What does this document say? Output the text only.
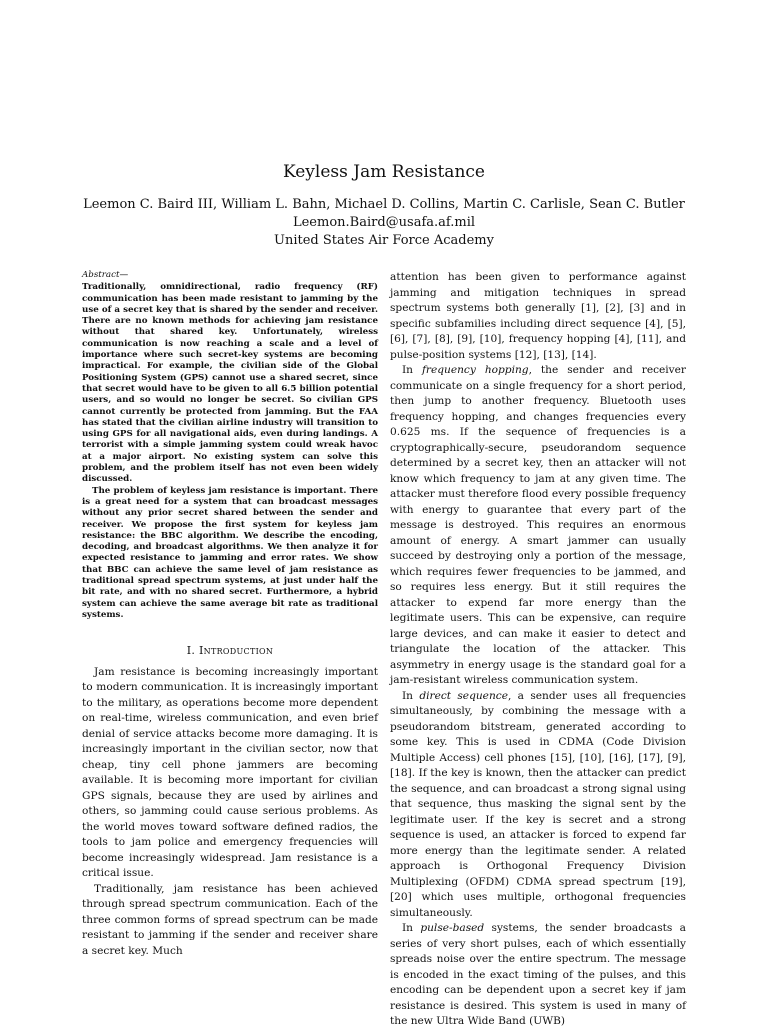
Keyless Jam Resistance

Leemon C. Baird III, William L. Bahn, Michael D. Collins, Martin C. Carlisle, Sean C. Butler

Leemon.Baird@usafa.af.mil

United States Air Force Academy

Abstract—

Traditionally, omnidirectional, radio frequency (RF) communication has been made resistant to jamming by the use of a secret key that is shared by the sender and receiver. There are no known methods for achieving jam resistance without that shared key. Unfortunately, wireless communication is now reaching a scale and a level of importance where such secret-key systems are becoming impractical. For example, the civilian side of the Global Positioning System (GPS) cannot use a shared secret, since that secret would have to be given to all 6.5 billion potential users, and so would no longer be secret. So civilian GPS cannot currently be protected from jamming. But the FAA has stated that the civilian airline industry will transition to using GPS for all navigational aids, even during landings. A terrorist with a simple jamming system could wreak havoc at a major airport. No existing system can solve this problem, and the problem itself has not even been widely discussed.

The problem of keyless jam resistance is important. There is a great need for a system that can broadcast messages without any prior secret shared between the sender and receiver. We propose the first system for keyless jam resistance: the BBC algorithm. We describe the encoding, decoding, and broadcast algorithms. We then analyze it for expected resistance to jamming and error rates. We show that BBC can achieve the same level of jam resistance as traditional spread spectrum systems, at just under half the bit rate, and with no shared secret. Furthermore, a hybrid system can achieve the same average bit rate as traditional systems.

I. Introduction

Jam resistance is becoming increasingly important to modern communication. It is increasingly important to the military, as operations become more dependent on real-time, wireless communication, and even brief denial of service attacks become more damaging. It is increasingly important in the civilian sector, now that cheap, tiny cell phone jammers are becoming available. It is becoming more important for civilian GPS signals, because they are used by airlines and others, so jamming could cause serious problems. As the world moves toward software defined radios, the tools to jam police and emergency frequencies will become increasingly widespread. Jam resistance is a critical issue.

Traditionally, jam resistance has been achieved through spread spectrum communication. Each of the three common forms of spread spectrum can be made resistant to jamming if the sender and receiver share a secret key. Much

attention has been given to performance against jamming and mitigation techniques in spread spectrum systems both generally [1], [2], [3] and in specific subfamilies including direct sequence [4], [5], [6], [7], [8], [9], [10], frequency hopping [4], [11], and pulse-position systems [12], [13], [14].

In frequency hopping, the sender and receiver communicate on a single frequency for a short period, then jump to another frequency. Bluetooth uses frequency hopping, and changes frequencies every 0.625 ms. If the sequence of frequencies is a cryptographically-secure, pseudorandom sequence determined by a secret key, then an attacker will not know which frequency to jam at any given time. The attacker must therefore flood every possible frequency with energy to guarantee that every part of the message is destroyed. This requires an enormous amount of energy. A smart jammer can usually succeed by destroying only a portion of the message, which requires fewer frequencies to be jammed, and so requires less energy. But it still requires the attacker to expend far more energy than the legitimate users. This can be expensive, can require large devices, and can make it easier to detect and triangulate the location of the attacker. This asymmetry in energy usage is the standard goal for a jam-resistant wireless communication system.

In direct sequence, a sender uses all frequencies simultaneously, by combining the message with a pseudorandom bitstream, generated according to some key. This is used in CDMA (Code Division Multiple Access) cell phones [15], [10], [16], [17], [9], [18]. If the key is known, then the attacker can predict the sequence, and can broadcast a strong signal using that sequence, thus masking the signal sent by the legitimate user. If the key is secret and a strong sequence is used, an attacker is forced to expend far more energy than the legitimate sender. A related approach is Orthogonal Frequency Division Multiplexing (OFDM) CDMA spread spectrum [19], [20] which uses multiple, orthogonal frequencies simultaneously.

In pulse-based systems, the sender broadcasts a series of very short pulses, each of which essentially spreads noise over the entire spectrum. The message is encoded in the exact timing of the pulses, and this encoding can be dependent upon a secret key if jam resistance is desired. This system is used in many of the new Ultra Wide Band (UWB)
